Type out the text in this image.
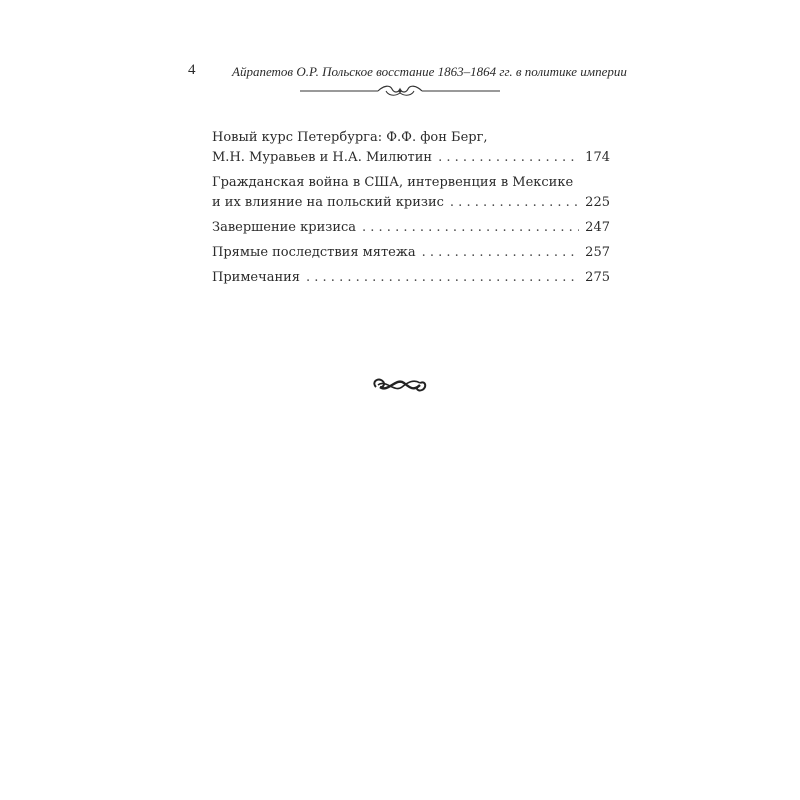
4	Айрапетов О.Р. Польское восстание 1863–1864 гг. в политике империи
Новый курс Петербурга: Ф.Ф. фон Берг,
М.Н. Муравьев и Н.А. Милютин . . .	174
Гражданская война в США, интервенция в Мексике
и их влияние на польский кризис . . .	225
Завершение кризиса . . .	247
Прямые последствия мятежа . . .	257
Примечания . . .	275
